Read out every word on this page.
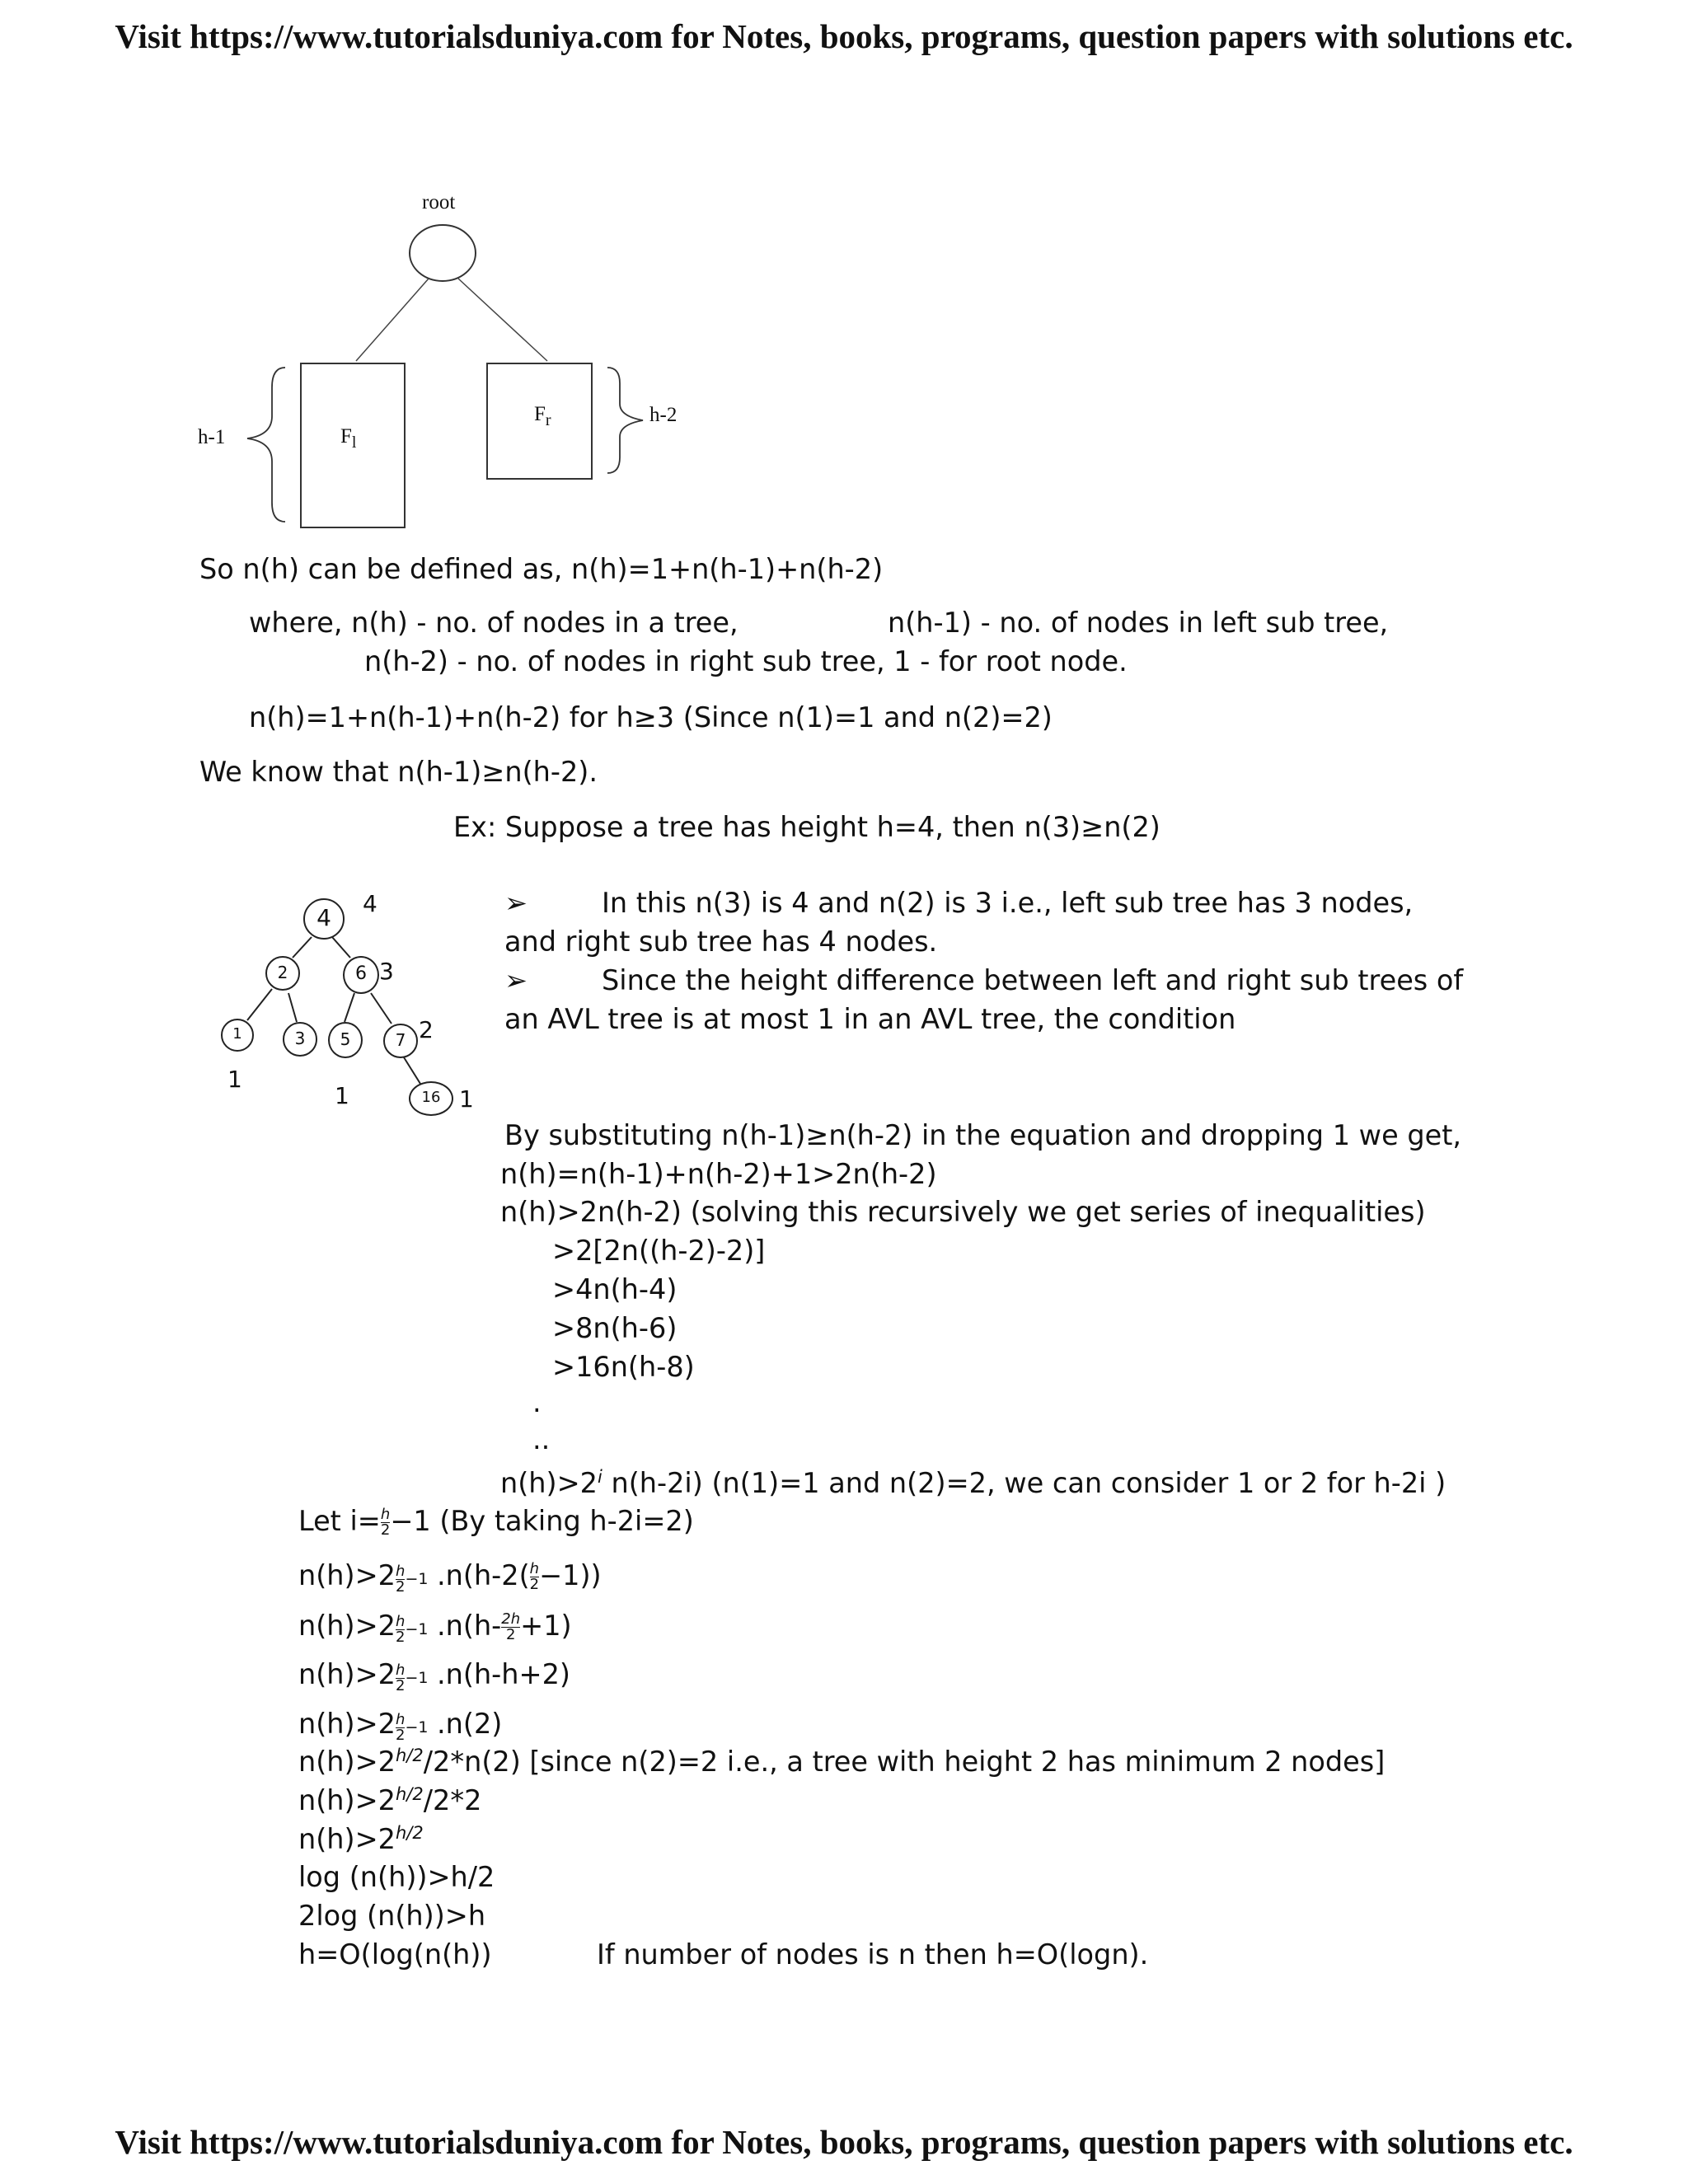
Visit https://www.tutorialsduniya.com for Notes, books, programs, question papers with solutions etc.
Visit https://www.tutorialsduniya.com for Notes, books, programs, question papers with solutions etc.
root
$F_l$
$F_r$
h-1
h-2
So n(h) can be defined as, n(h)=1+n(h-1)+n(h-2)
where, n(h) - no. of nodes in a tree,	n(h-1) - no. of nodes in left sub tree,
n(h-2) - no. of nodes in right sub tree, 1 - for root node.
n(h)=1+n(h-1)+n(h-2) for h≥3 (Since n(1)=1 and n(2)=2)
We know that n(h-1)≥n(h-2).
Ex: Suppose a tree has height h=4, then n(3)≥n(2)
4
2	6
1	3	5	7
16
4
3
2
1
1
1
➢	In this n(3) is 4 and n(2) is 3 i.e., left sub tree has 3 nodes,
and right sub tree has 4 nodes.
➢	Since the height difference between left and right sub trees of
an AVL tree is at most 1 in an AVL tree, the condition
By substituting n(h-1)≥n(h-2) in the equation and dropping 1 we get,
n(h)=n(h-1)+n(h-2)+1>2n(h-2)
n(h)>2n(h-2) (solving this recursively we get series of inequalities)
>2[2n((h-2)-2)]
>4n(h-4)
>8n(h-6)
>16n(h-8)
.
..
$n(h)>2^i$ n(h-2i) (n(1)=1 and n(2)=2, we can consider 1 or 2 for h-2i )
Let $i= \frac{h}{2} -1$ (By taking h-2i=2)
$n(h)>2 \frac{h}{2} -1$ $.n(h-2( \frac{h}{2} -1))$
$n(h)>2 \frac{h}{2} -1$ $.n(h- \frac{2h}{2} +1)$
$n(h)>2 \frac{h}{2} -1$ .n(h-h+2)
$n(h)>2 \frac{h}{2} -1$ .n(2)
$n(h)>2^{h/2}/2*n(2)$ [since n(2)=2 i.e., a tree with height 2 has minimum 2 nodes]
$n(h)>2^{h/2}/2*2$
$n(h)>2^{h/2}$
log (n(h))>h/2
2log (n(h))>h
h=O(log(n(h))	If number of nodes is n then h=O(logn).
